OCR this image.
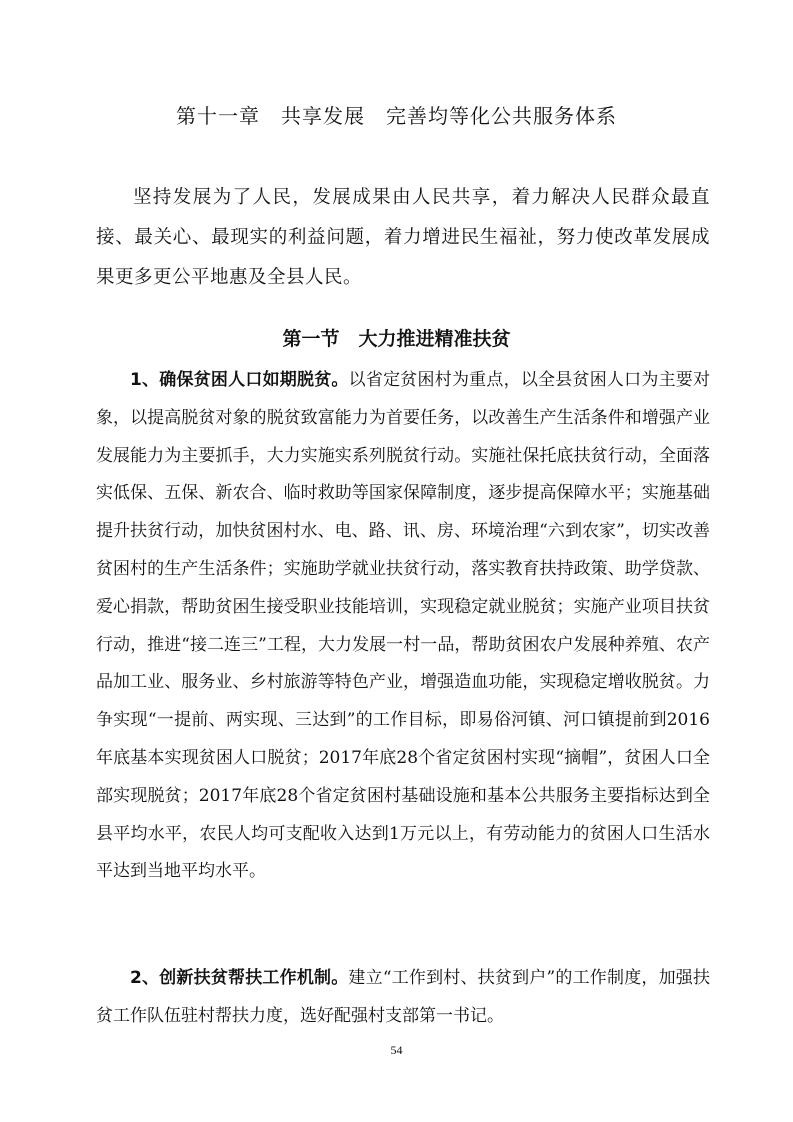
第十一章　共享发展　完善均等化公共服务体系

坚持发展为了人民，发展成果由人民共享，着力解决人民群众最直接、最关心、最现实的利益问题，着力增进民生福祉，努力使改革发展成果更多更公平地惠及全县人民。

第一节　大力推进精准扶贫

1、确保贫困人口如期脱贫。以省定贫困村为重点，以全县贫困人口为主要对象，以提高脱贫对象的脱贫致富能力为首要任务，以改善生产生活条件和增强产业发展能力为主要抓手，大力实施实系列脱贫行动。实施社保托底扶贫行动，全面落实低保、五保、新农合、临时救助等国家保障制度，逐步提高保障水平；实施基础提升扶贫行动，加快贫困村水、电、路、讯、房、环境治理“六到农家”，切实改善贫困村的生产生活条件；实施助学就业扶贫行动，落实教育扶持政策、助学贷款、爱心捐款，帮助贫困生接受职业技能培训，实现稳定就业脱贫；实施产业项目扶贫行动，推进“接二连三”工程，大力发展一村一品，帮助贫困农户发展种养殖、农产品加工业、服务业、乡村旅游等特色产业，增强造血功能，实现稳定增收脱贫。力争实现“一提前、两实现、三达到”的工作目标，即易俗河镇、河口镇提前到2016年底基本实现贫困人口脱贫；2017年底28个省定贫困村实现“摘帽”，贫困人口全部实现脱贫；2017年底28个省定贫困村基础设施和基本公共服务主要指标达到全县平均水平，农民人均可支配收入达到1万元以上，有劳动能力的贫困人口生活水平达到当地平均水平。

2、创新扶贫帮扶工作机制。建立“工作到村、扶贫到户”的工作制度，加强扶贫工作队伍驻村帮扶力度，选好配强村支部第一书记。

54
